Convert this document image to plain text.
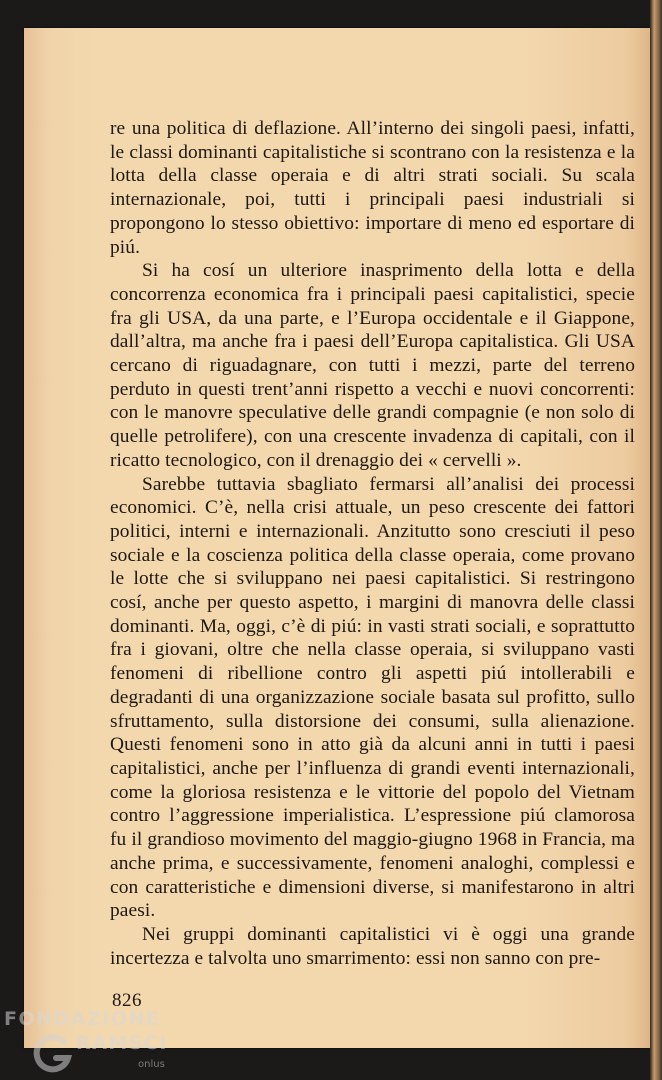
re una politica di deflazione. All’interno dei singoli paesi, infatti, le classi dominanti capitalistiche si scontrano con la resistenza e la lotta della classe operaia e di altri strati sociali. Su scala internazionale, poi, tutti i principali paesi industriali si propongono lo stesso obiettivo: importare di meno ed esportare di piú.

Si ha cosí un ulteriore inasprimento della lotta e della concorrenza economica fra i principali paesi capitalistici, specie fra gli USA, da una parte, e l’Europa occidentale e il Giappone, dall’altra, ma anche fra i paesi dell’Europa capitalistica. Gli USA cercano di riguadagnare, con tutti i mezzi, parte del terreno perduto in questi trent’anni rispetto a vecchi e nuovi concorrenti: con le manovre speculative delle grandi compagnie (e non solo di quelle petrolifere), con una crescente invadenza di capitali, con il ricatto tecnologico, con il drenaggio dei « cervelli ».

Sarebbe tuttavia sbagliato fermarsi all’analisi dei processi economici. C’è, nella crisi attuale, un peso crescente dei fattori politici, interni e internazionali. Anzitutto sono cresciuti il peso sociale e la coscienza politica della classe operaia, come provano le lotte che si sviluppano nei paesi capitalistici. Si restringono cosí, anche per questo aspetto, i margini di manovra delle classi dominanti. Ma, oggi, c’è di piú: in vasti strati sociali, e soprattutto fra i giovani, oltre che nella classe operaia, si sviluppano vasti fenomeni di ribellione contro gli aspetti piú intollerabili e degradanti di una organizzazione sociale basata sul profitto, sullo sfruttamento, sulla distorsione dei consumi, sulla alienazione. Questi fenomeni sono in atto già da alcuni anni in tutti i paesi capitalistici, anche per l’influenza di grandi eventi internazionali, come la gloriosa resistenza e le vittorie del popolo del Vietnam contro l’aggressione imperialistica. L’espressione piú clamorosa fu il grandioso movimento del maggio-giugno 1968 in Francia, ma anche prima, e successivamente, fenomeni analoghi, complessi e con caratteristiche e dimensioni diverse, si manifestarono in altri paesi.

Nei gruppi dominanti capitalistici vi è oggi una grande incertezza e talvolta uno smarrimento: essi non sanno con pre-

826
FONDAZIONE
RAMSCI
onlus
